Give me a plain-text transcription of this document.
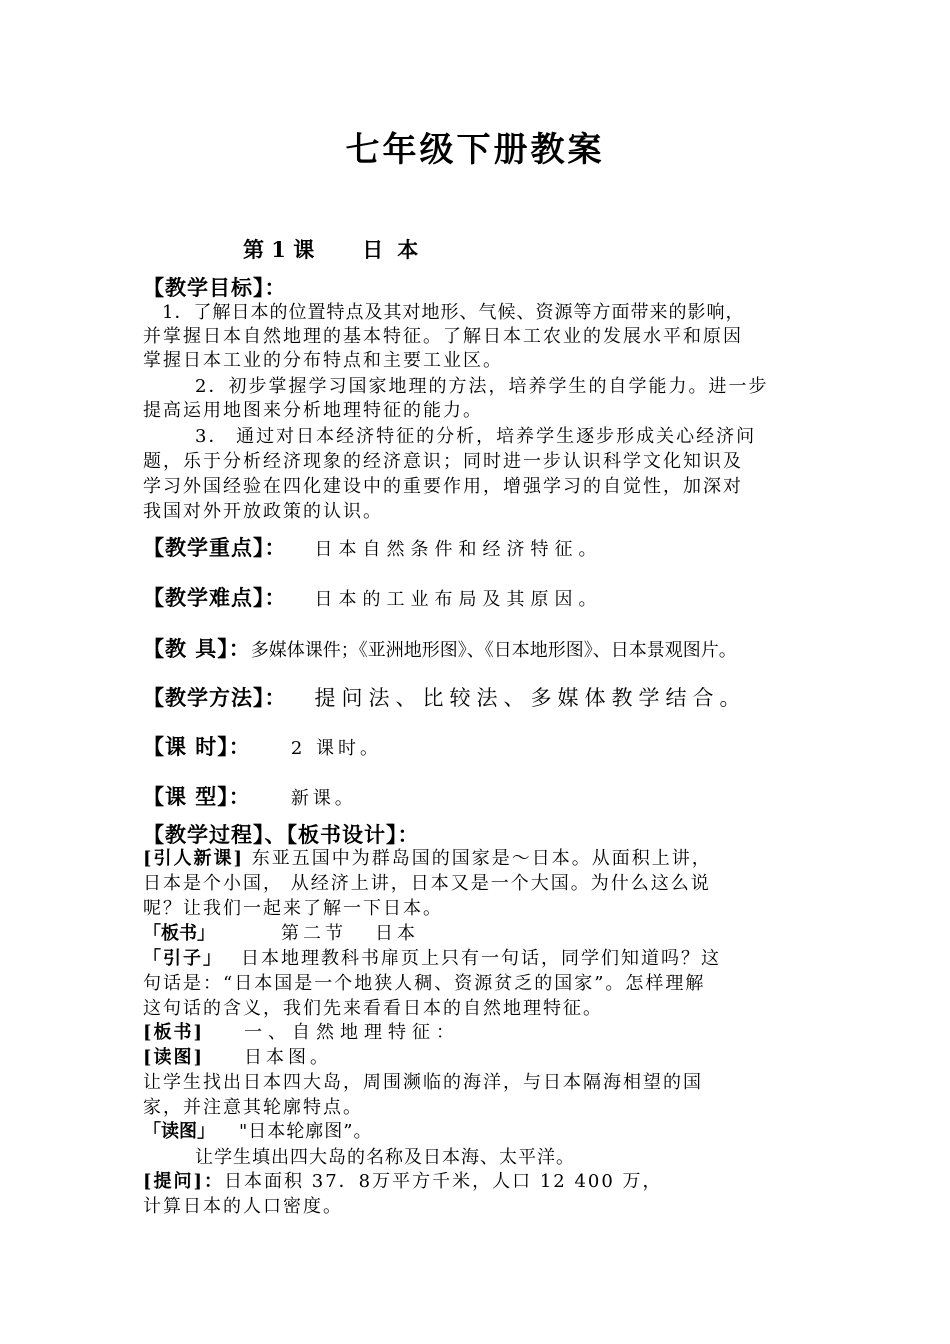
七年级下册教案
第 1 课 日 本
【教学目标】：
1．了解日本的位置特点及其对地形、气候、资源等方面带来的影响，
并掌握日本自然地理的基本特征。了解日本工农业的发展水平和原因
掌握日本工业的分布特点和主要工业区。
2．初步掌握学习国家地理的方法，培养学生的自学能力。进一步
提高运用地图来分析地理特征的能力。
3． 通过对日本经济特征的分析，培养学生逐步形成关心经济问
题，乐于分析经济现象的经济意识；同时进一步认识科学文化知识及
学习外国经验在四化建设中的重要作用，增强学习的自觉性，加深对
我国对外开放政策的认识。
【教学重点】： 日本自然条件和经济特征。
【教学难点】： 日本的工业布局及其原因。
【教 具】：多媒体课件；《亚洲地形图》、《日本地形图》、日本景观图片。
【教学方法】： 提问法、比较法、多媒体教学结合。
【课 时】： 2 课时。
【课 型】： 新课。
【教学过程】、【板书设计】：
[引人新课] 东亚五国中为群岛国的国家是～日本。从面积上讲，
日本是个小国， 从经济上讲，日本又是一个大国。为什么这么说
呢？让我们一起来了解一下日本。
「板书」	第二节 日本
「引子」 日本地理教科书扉页上只有一句话，同学们知道吗？这
句话是：“日本国是一个地狭人稠、资源贫乏的国家”。怎样理解
这句话的含义，我们先来看看日本的自然地理特征。
[板书] 一、自然地理特征：
[读图] 日本图。
让学生找出日本四大岛，周围濒临的海洋，与日本隔海相望的国
家，并注意其轮廓特点。
「读图」 "日本轮廓图”。
让学生填出四大岛的名称及日本海、太平洋。
[提问]：日本面积 37．8万平方千米，人口 12 400 万，
计算日本的人口密度。
